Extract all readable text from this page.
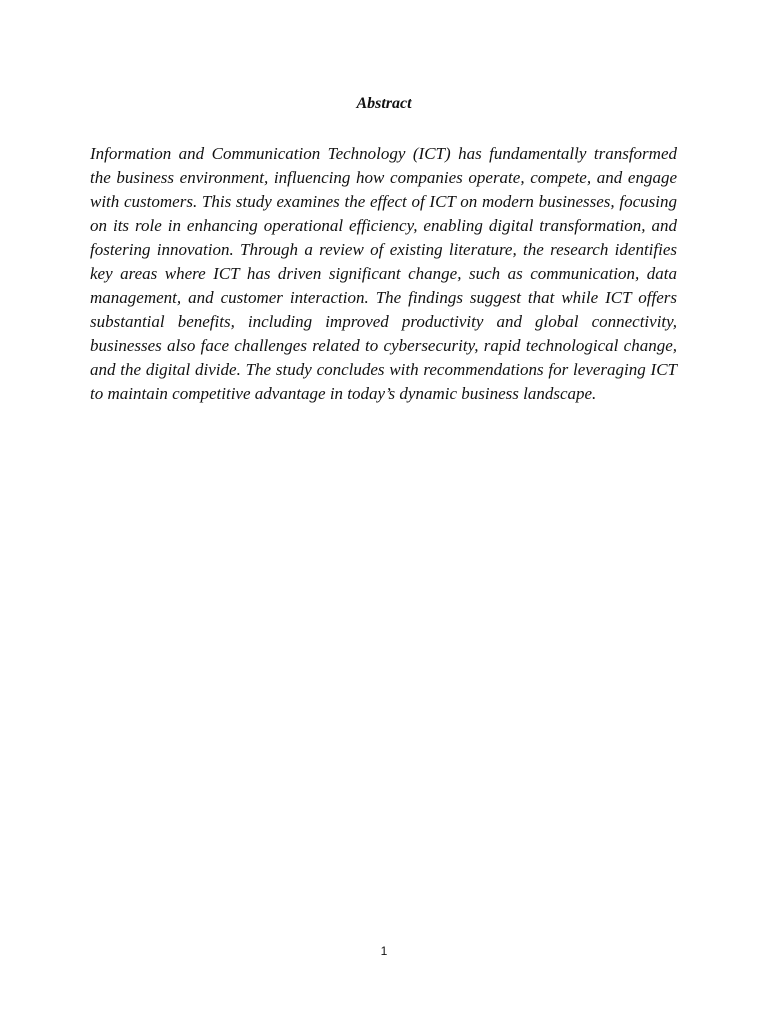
Abstract

Information and Communication Technology (ICT) has fundamentally transformed the business environment, influencing how companies operate, compete, and engage with customers. This study examines the effect of ICT on modern businesses, focusing on its role in enhancing operational efficiency, enabling digital transformation, and fostering innovation. Through a review of existing literature, the research identifies key areas where ICT has driven significant change, such as communication, data management, and customer interaction. The findings suggest that while ICT offers substantial benefits, including improved productivity and global connectivity, businesses also face challenges related to cybersecurity, rapid technological change, and the digital divide. The study concludes with recommendations for leveraging ICT to maintain competitive advantage in today’s dynamic business landscape.

1
